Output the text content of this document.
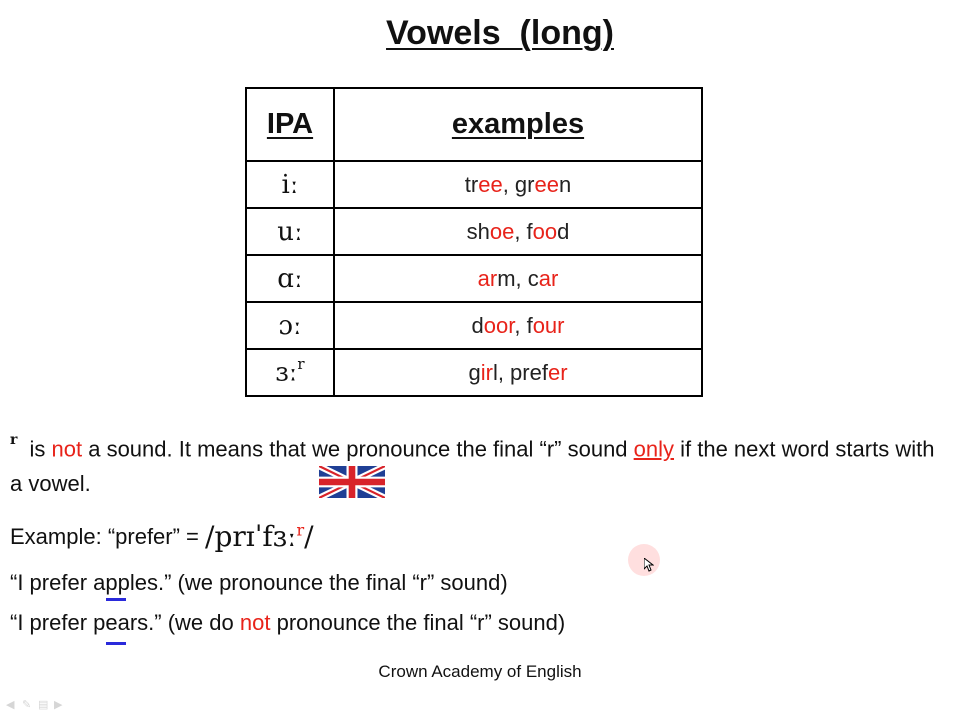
Vowels  (long)
IPA	examples
iː	tree, green
uː	shoe, food
ɑː	arm, car
ɔː	door, four
ɜː$^r$	girl, prefer
$^r$ is not a sound. It means that we pronounce the final “r” sound only if the next word starts with a vowel.
Example: “prefer” = /prɪˈfɜː$^r$/
“I prefer apples.” (we pronounce the final “r” sound)
“I prefer pears.” (we do not pronounce the final “r” sound)
Crown Academy of English
◀ ✎ ▤ ▶
